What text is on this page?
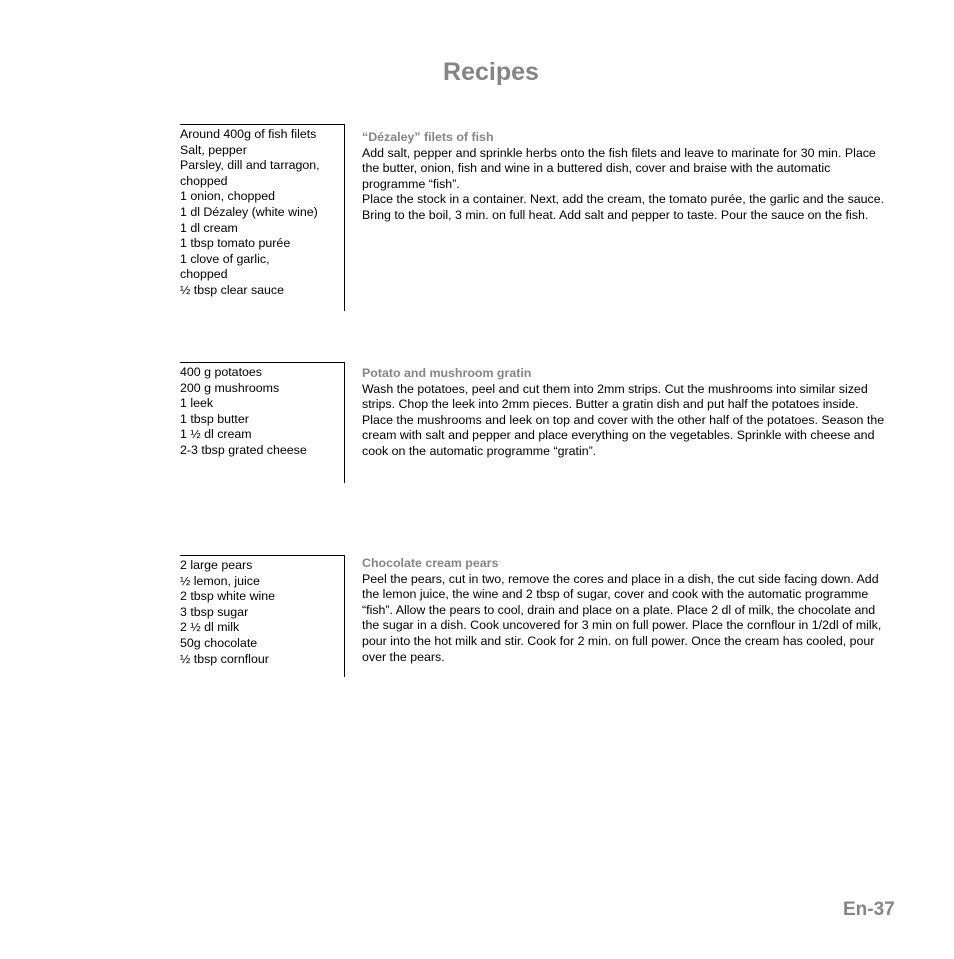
Recipes
Around 400g of fish filets
Salt, pepper
Parsley, dill and tarragon, chopped
1 onion, chopped
1 dl Dézaley (white wine)
1 dl cream
1 tbsp tomato purée
1 clove of garlic, chopped
½ tbsp clear sauce
“Dézaley” filets of fish

Add salt, pepper and sprinkle herbs onto the fish filets and leave to marinate for 30 min. Place the butter, onion, fish and wine in a buttered dish, cover and braise with the automatic programme “fish”.

Place the stock in a container. Next, add the cream, the tomato purée, the garlic and the sauce. Bring to the boil, 3 min. on full heat. Add salt and pepper to taste. Pour the sauce on the fish.

400 g potatoes
200 g mushrooms
1 leek
1 tbsp butter
1 ½ dl cream
2-3 tbsp grated cheese
Potato and mushroom gratin

Wash the potatoes, peel and cut them into 2mm strips. Cut the mushrooms into similar sized strips. Chop the leek into 2mm pieces. Butter a gratin dish and put half the potatoes inside. Place the mushrooms and leek on top and cover with the other half of the potatoes. Season the cream with salt and pepper and place everything on the vegetables. Sprinkle with cheese and cook on the automatic programme “gratin”.

2 large pears
½ lemon, juice
2 tbsp white wine
3 tbsp sugar
2 ½ dl milk
50g chocolate
½ tbsp cornflour
Chocolate cream pears

Peel the pears, cut in two, remove the cores and place in a dish, the cut side facing down. Add the lemon juice, the wine and 2 tbsp of sugar, cover and cook with the automatic programme “fish”. Allow the pears to cool, drain and place on a plate. Place 2 dl of milk, the chocolate and the sugar in a dish. Cook uncovered for 3 min on full power. Place the cornflour in 1/2dl of milk, pour into the hot milk and stir. Cook for 2 min. on full power. Once the cream has cooled, pour over the pears.

En-37
